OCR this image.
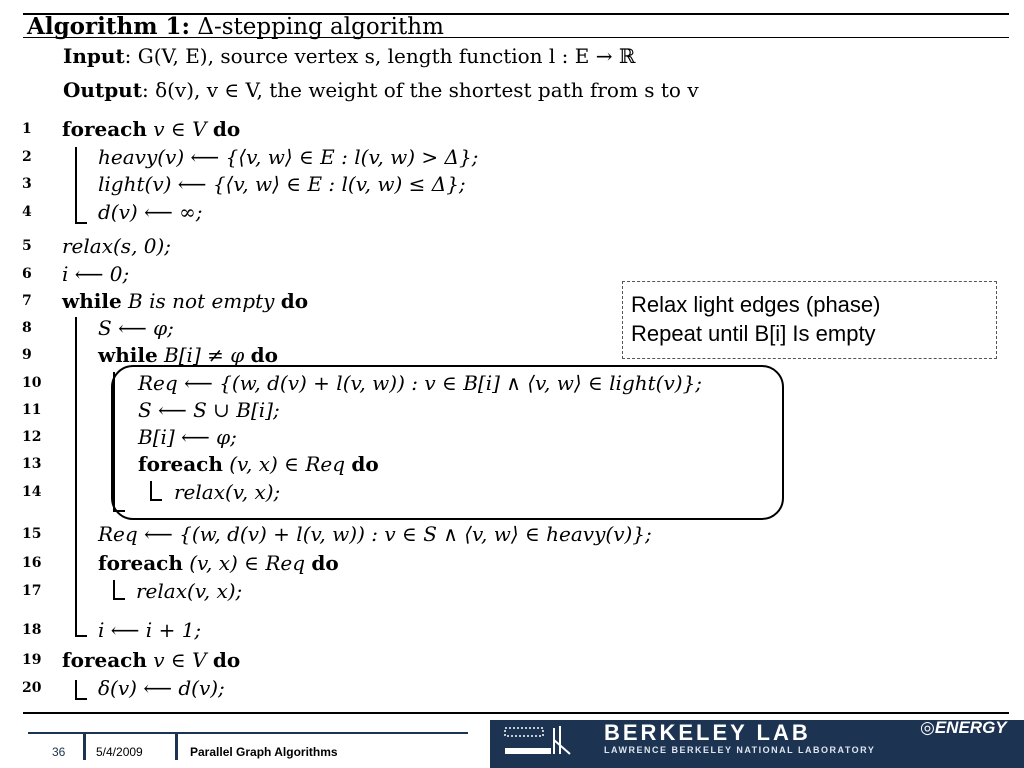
Algorithm 1: Δ-stepping algorithm
Input: G(V, E), source vertex s, length function l : E → ℝ
Output: δ(v), v ∈ V, the weight of the shortest path from s to v
1	foreach v ∈ V do
2	heavy(v) ⟵ {⟨v, w⟩ ∈ E : l(v, w) > Δ};
3	light(v) ⟵ {⟨v, w⟩ ∈ E : l(v, w) ≤ Δ};
4	d(v) ⟵ ∞;
5	relax(s, 0);
6	i ⟵ 0;
7	while B is not empty do
8	S ⟵ φ;
9	while B[i] ≠ φ do
10	Req ⟵ {(w, d(v) + l(v, w)) : v ∈ B[i] ∧ ⟨v, w⟩ ∈ light(v)};
11	S ⟵ S ∪ B[i];
12	B[i] ⟵ φ;
13	foreach (v, x) ∈ Req do
14	relax(v, x);
15	Req ⟵ {(w, d(v) + l(v, w)) : v ∈ S ∧ ⟨v, w⟩ ∈ heavy(v)};
16	foreach (v, x) ∈ Req do
17	relax(v, x);
18	i ⟵ i + 1;
19	foreach v ∈ V do
20	δ(v) ⟵ d(v);
Relax light edges (phase)
Repeat until B[i] Is empty
36	5/4/2009	Parallel Graph Algorithms
BERKELEY LAB
LAWRENCE BERKELEY NATIONAL LABORATORY
◎ENERGY
